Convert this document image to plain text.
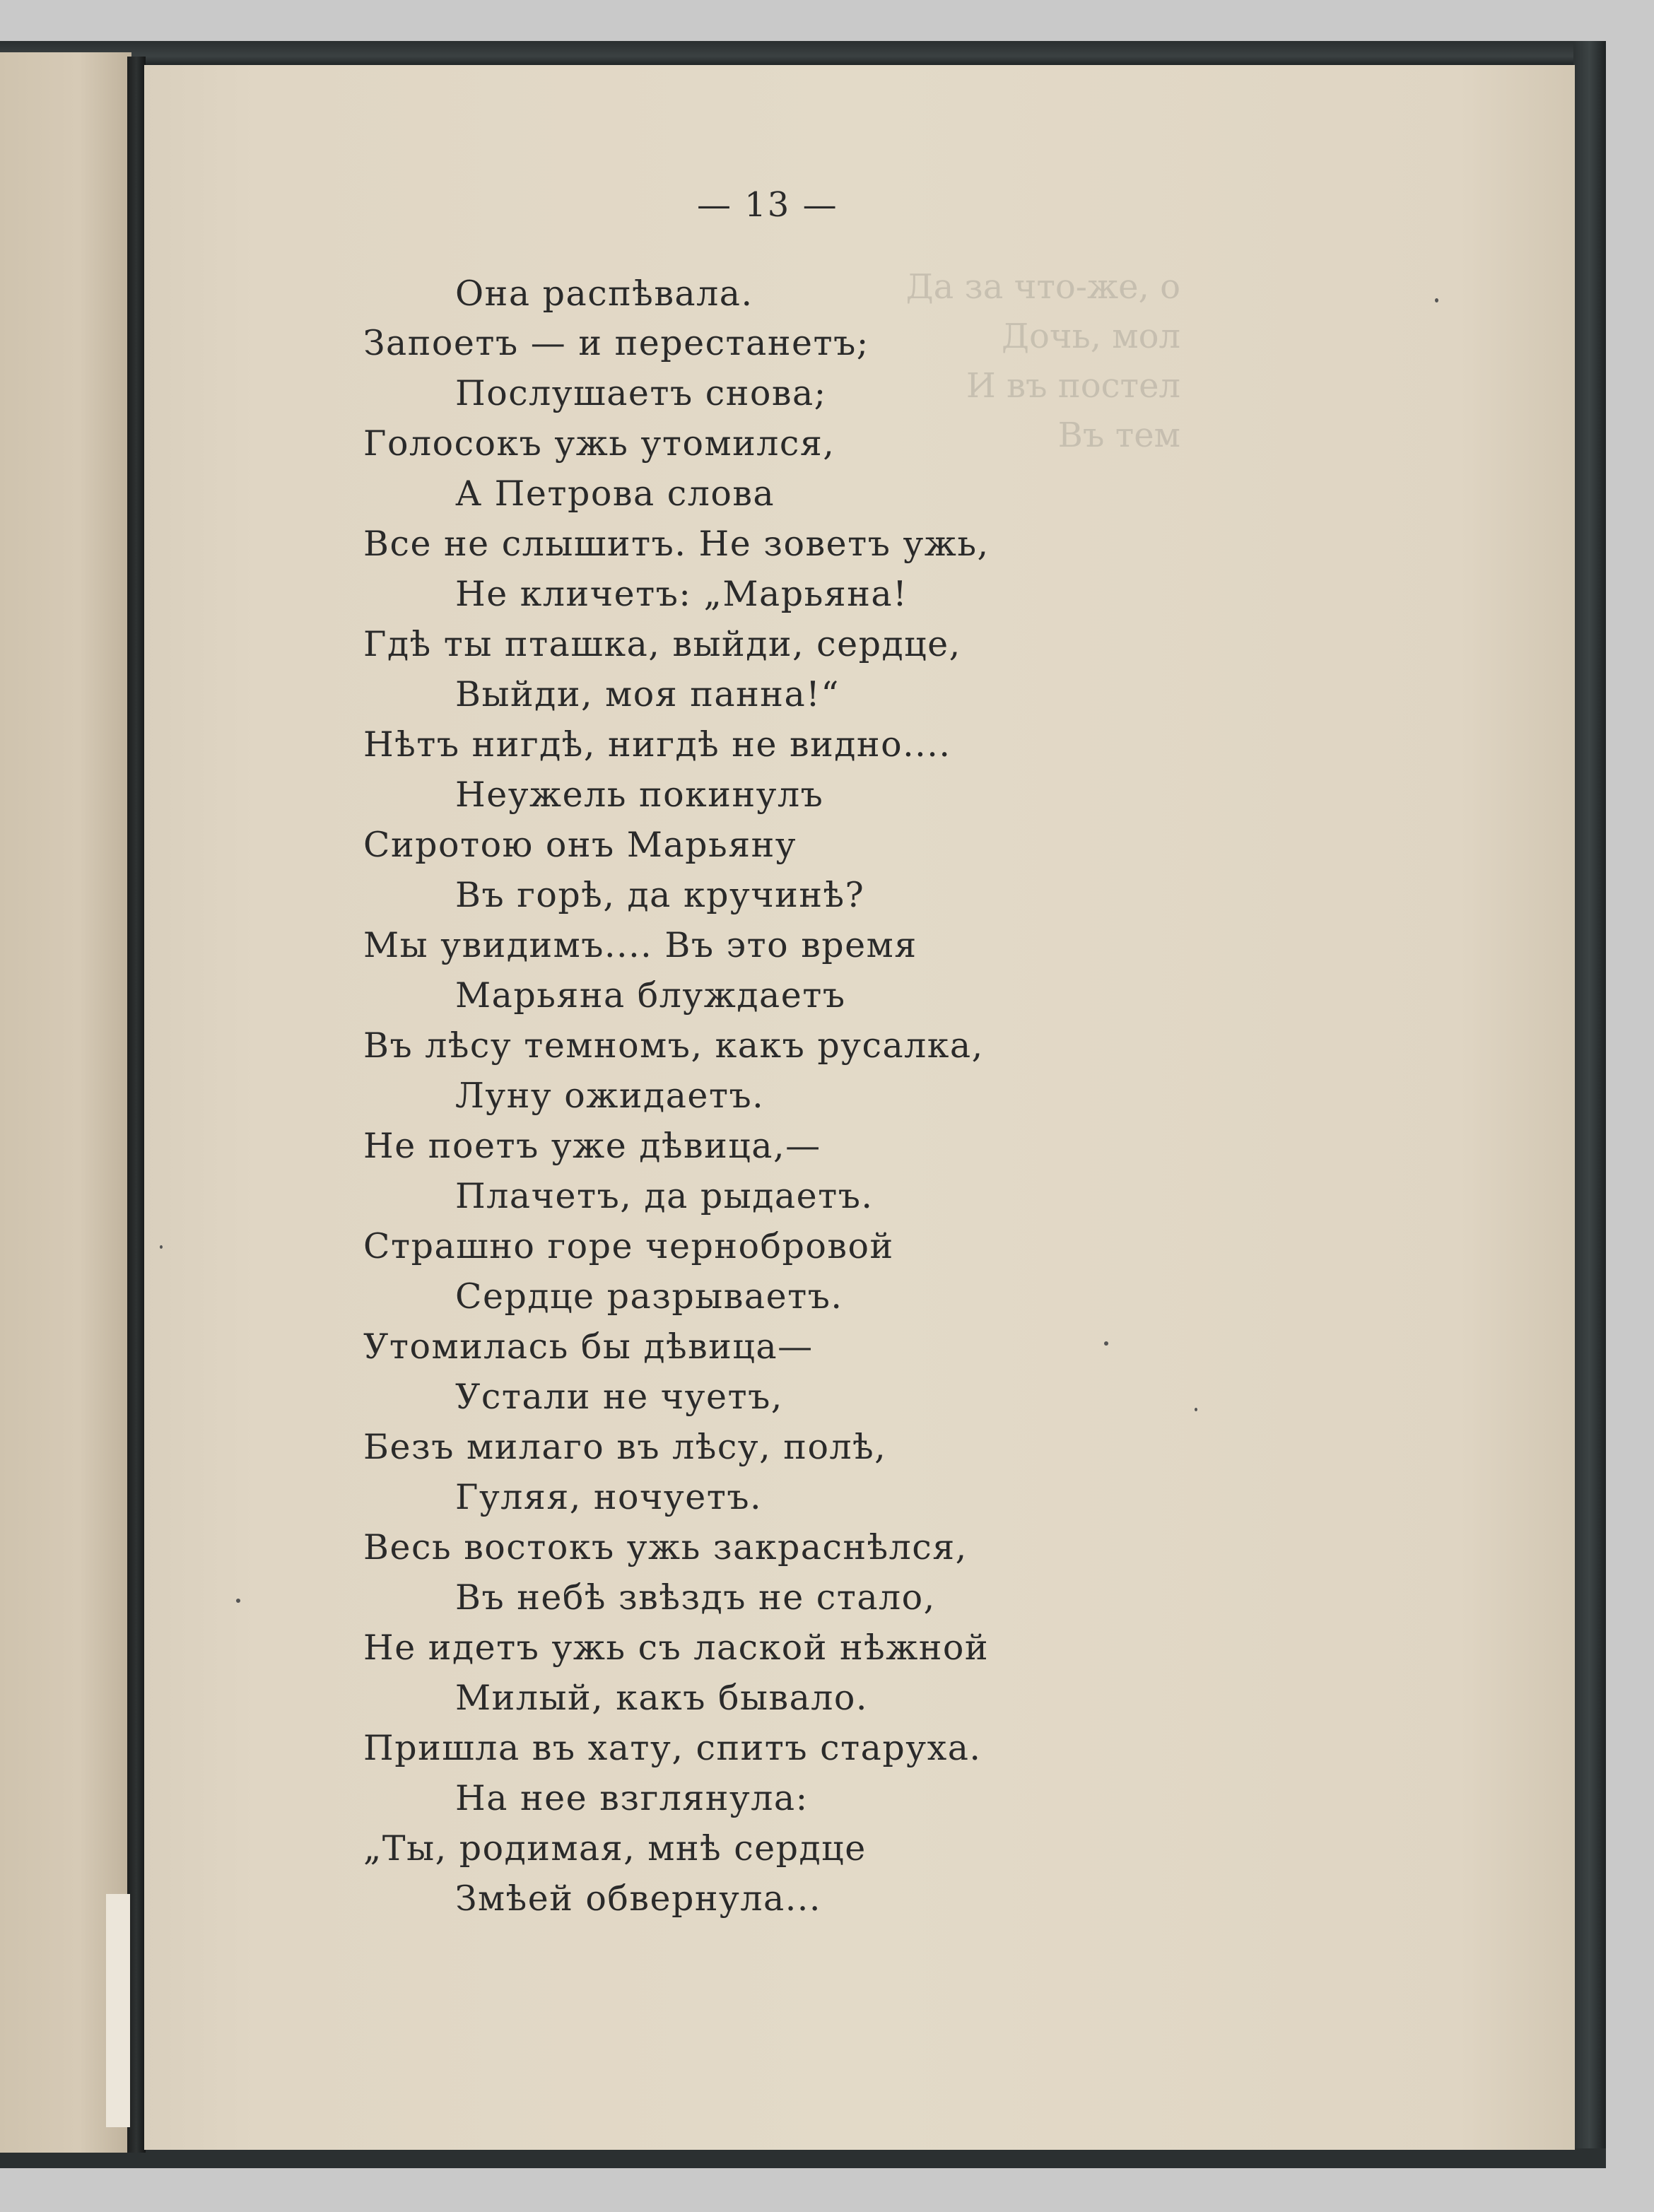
Да за что-же, о
Дочь, мол
И въ постел
Въ тем
— 13 —
Она распѣвала.
Запоетъ — и перестанетъ;
Послушаетъ снова;
Голосокъ ужь утомился,
А Петрова слова
Все не слышитъ. Не зоветъ ужь,
Не кличетъ: „Марьяна!
Гдѣ ты пташка, выйди, сердце,
Выйди, моя панна!“
Нѣтъ нигдѣ, нигдѣ не видно....
Неужель покинулъ
Сиротою онъ Марьяну
Въ горѣ, да кручинѣ?
Мы увидимъ.... Въ это время
Марьяна блуждаетъ
Въ лѣсу темномъ, какъ русалка,
Луну ожидаетъ.
Не поетъ уже дѣвица,—
Плачетъ, да рыдаетъ.
Страшно горе чернобровой
Сердце разрываетъ.
Утомилась бы дѣвица—
Устали не чуетъ,
Безъ милаго въ лѣсу, полѣ,
Гуляя, ночуетъ.
Весь востокъ ужь закраснѣлся,
Въ небѣ звѣздъ не стало,
Не идетъ ужь съ лаской нѣжной
Милый, какъ бывало.
Пришла въ хату, спитъ старуха.
На нее взглянула:
„Ты, родимая, мнѣ сердце
Змѣей обвернула...
